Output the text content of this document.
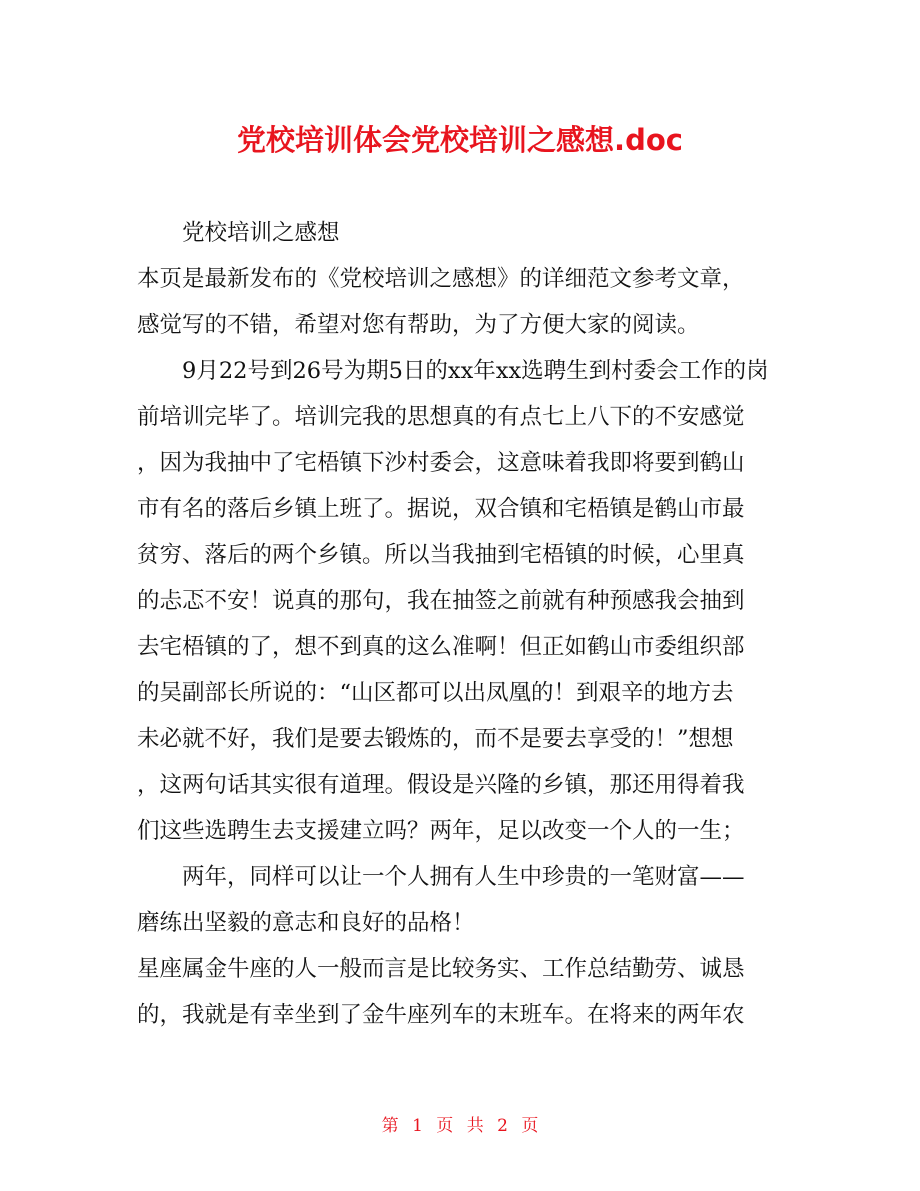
党校培训体会党校培训之感想.doc
党校培训之感想
本页是最新发布的《党校培训之感想》的详细范文参考文章，
感觉写的不错，希望对您有帮助，为了方便大家的阅读。
9月22号到26号为期5日的xx年xx选聘生到村委会工作的岗
前培训完毕了。培训完我的思想真的有点七上八下的不安感觉
，因为我抽中了宅梧镇下沙村委会，这意味着我即将要到鹤山
市有名的落后乡镇上班了。据说，双合镇和宅梧镇是鹤山市最
贫穷、落后的两个乡镇。所以当我抽到宅梧镇的时候，心里真
的忐忑不安！说真的那句，我在抽签之前就有种预感我会抽到
去宅梧镇的了，想不到真的这么准啊！但正如鹤山市委组织部
的吴副部长所说的：“山区都可以出凤凰的！到艰辛的地方去
未必就不好，我们是要去锻炼的，而不是要去享受的！”想想
，这两句话其实很有道理。假设是兴隆的乡镇，那还用得着我
们这些选聘生去支援建立吗？两年，足以改变一个人的一生；
两年，同样可以让一个人拥有人生中珍贵的一笔财富——
磨练出坚毅的意志和良好的品格！
星座属金牛座的人一般而言是比较务实、工作总结勤劳、诚恳
的，我就是有幸坐到了金牛座列车的末班车。在将来的两年农
第 1 页 共 2 页
